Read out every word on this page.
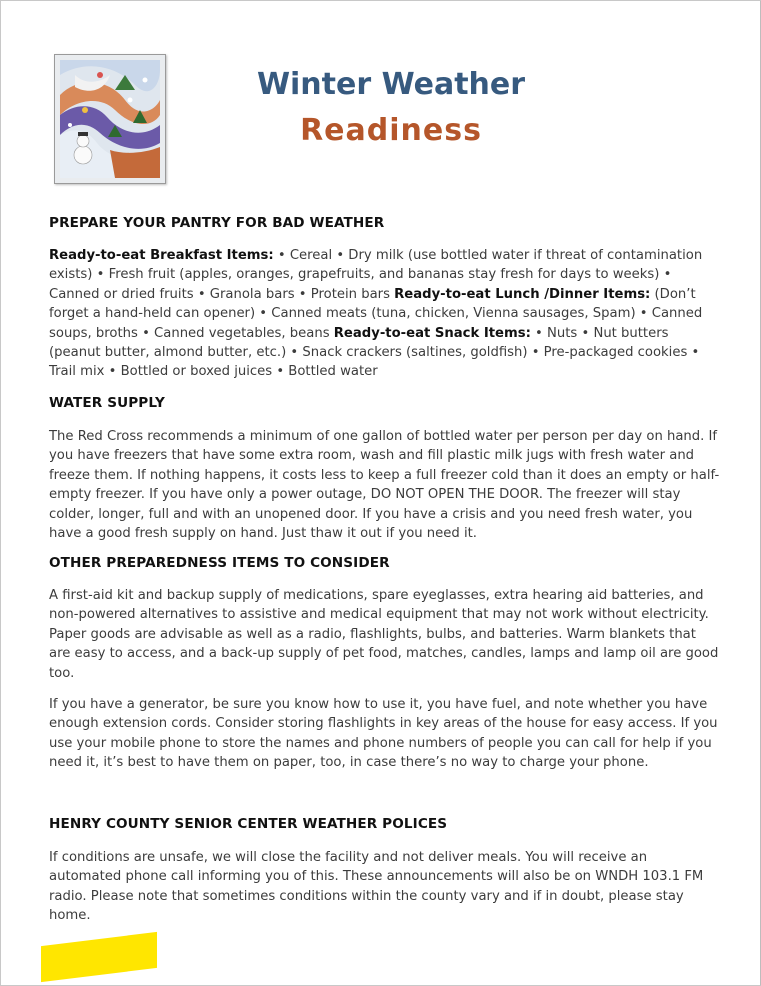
Winter Weather
Readiness
PREPARE YOUR PANTRY FOR BAD WEATHER
Ready-to-eat Breakfast Items: • Cereal • Dry milk (use bottled water if threat of contamination exists) • Fresh fruit (apples, oranges, grapefruits, and bananas stay fresh for days to weeks) • Canned or dried fruits • Granola bars • Protein bars Ready-to-eat Lunch /Dinner Items: (Don’t forget a hand-held can opener) • Canned meats (tuna, chicken, Vienna sausages, Spam) • Canned soups, broths • Canned vegetables, beans Ready-to-eat Snack Items: • Nuts • Nut butters (peanut butter, almond butter, etc.) • Snack crackers (saltines, goldfish) • Pre-packaged cookies • Trail mix • Bottled or boxed juices • Bottled water
WATER SUPPLY
The Red Cross recommends a minimum of one gallon of bottled water per person per day on hand. If you have freezers that have some extra room, wash and fill plastic milk jugs with fresh water and freeze them. If nothing happens, it costs less to keep a full freezer cold than it does an empty or half-empty freezer. If you have only a power outage, DO NOT OPEN THE DOOR. The freezer will stay colder, longer, full and with an unopened door. If you have a crisis and you need fresh water, you have a good fresh supply on hand. Just thaw it out if you need it.
OTHER PREPAREDNESS ITEMS TO CONSIDER
A first-aid kit and backup supply of medications, spare eyeglasses, extra hearing aid batteries, and non-powered alternatives to assistive and medical equipment that may not work without electricity. Paper goods are advisable as well as a radio, flashlights, bulbs, and batteries. Warm blankets that are easy to access, and a back-up supply of pet food, matches, candles, lamps and lamp oil are good too.
If you have a generator, be sure you know how to use it, you have fuel, and note whether you have enough extension cords. Consider storing flashlights in key areas of the house for easy access. If you use your mobile phone to store the names and phone numbers of people you can call for help if you need it, it’s best to have them on paper, too, in case there’s no way to charge your phone.
HENRY COUNTY SENIOR CENTER WEATHER POLICES
If conditions are unsafe, we will close the facility and not deliver meals. You will receive an automated phone call informing you of this. These announcements will also be on WNDH 103.1 FM radio. Please note that sometimes conditions within the county vary and if in doubt, please stay home.
